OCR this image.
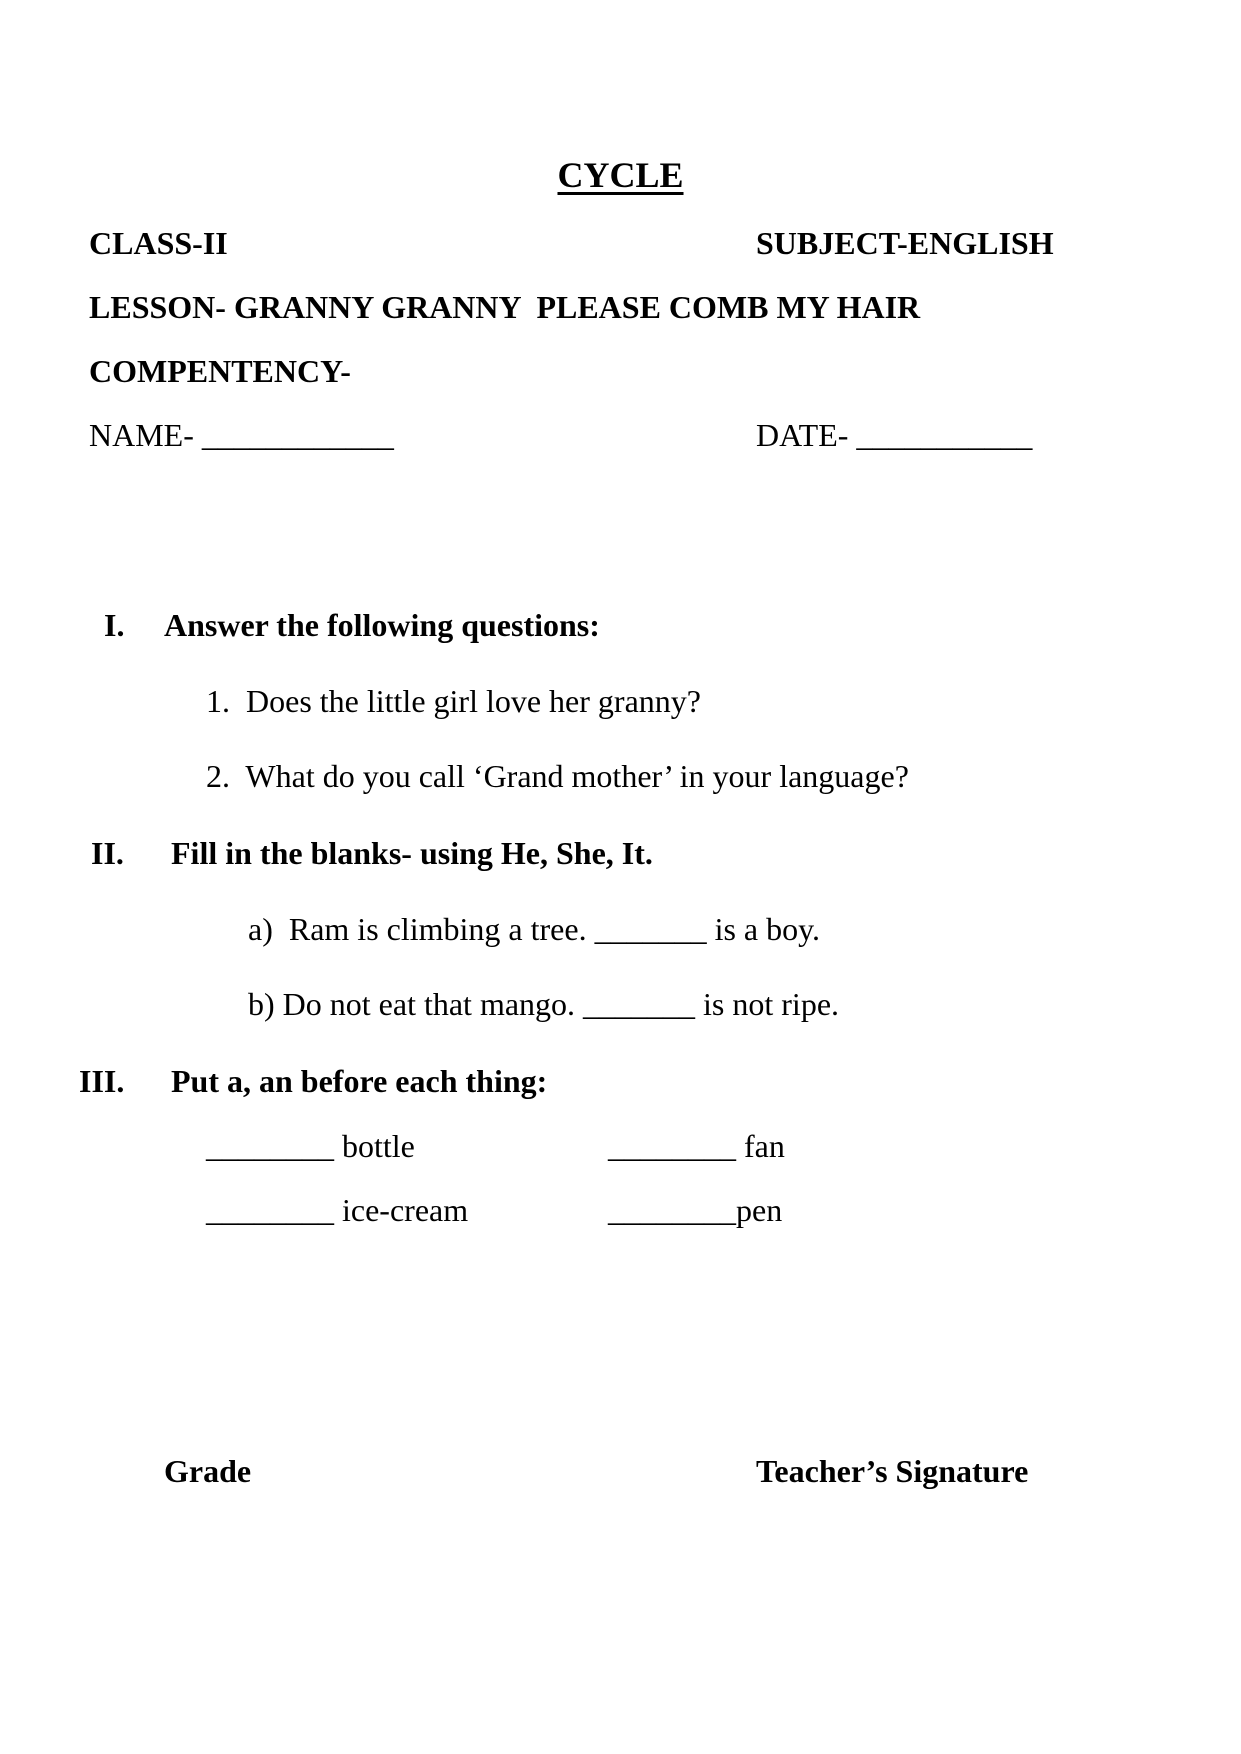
CYCLE
CLASS-II	SUBJECT-ENGLISH
LESSON- GRANNY GRANNY  PLEASE COMB MY HAIR
COMPENTENCY-
NAME- ____________	DATE- ___________
I. Answer the following questions:
1.  Does the little girl love her granny?
2.  What do you call ‘Grand mother’ in your language?
II. Fill in the blanks- using He, She, It.
a)  Ram is climbing a tree. _______ is a boy.
b) Do not eat that mango. _______ is not ripe.
III. Put a, an before each thing:
________ bottle	________ fan
________ ice-cream	________pen
Grade	Teacher’s Signature
